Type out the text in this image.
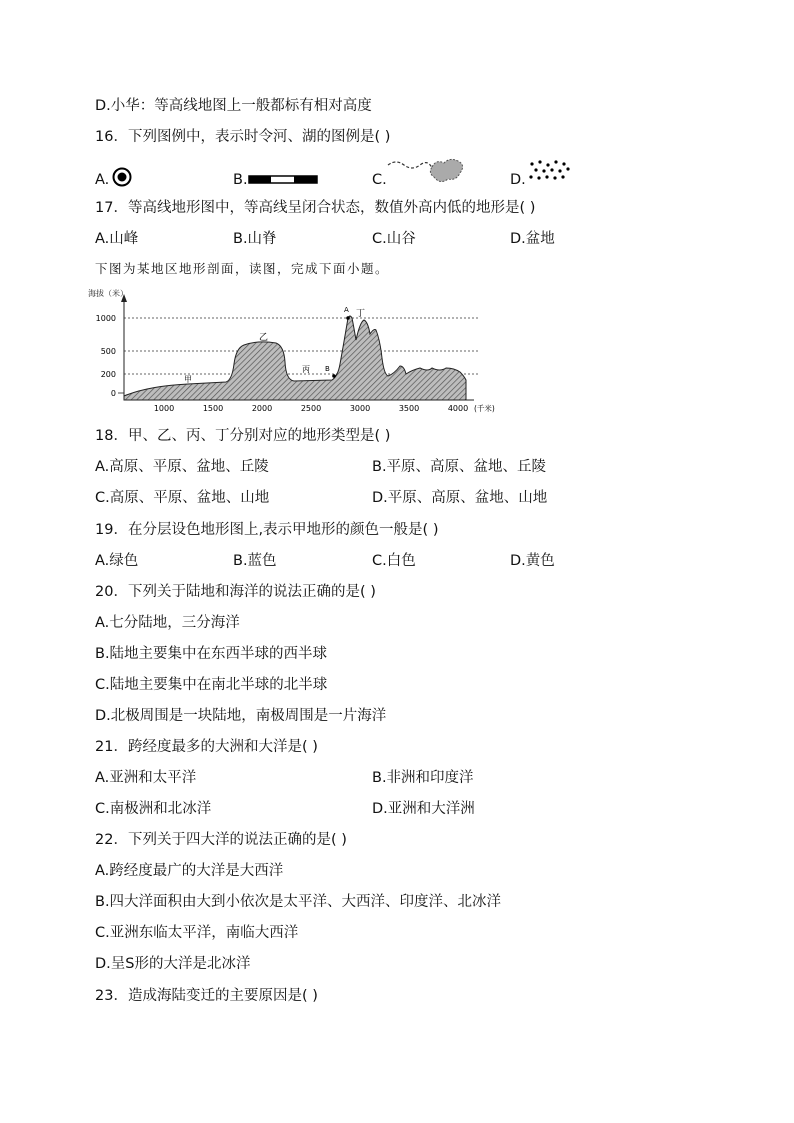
D.小华：等高线地图上一般都标有相对高度
16．下列图例中，表示时令河、湖的图例是( )
A.	B.	C.	D.
17．等高线地形图中，等高线呈闭合状态，数值外高内低的地形是( )
A.山峰	B.山脊	C.山谷	D.盆地
下图为某地区地形剖面，读图，完成下面小题。
海拔（米）
1000
500
200
0
1000	1500	2000	2500	3000	3500	4000 (千米)
甲
乙
丙 B
A 丁
18．甲、乙、丙、丁分别对应的地形类型是( )
A.高原、平原、盆地、丘陵	B.平原、高原、盆地、丘陵
C.高原、平原、盆地、山地	D.平原、高原、盆地、山地
19．在分层设色地形图上,表示甲地形的颜色一般是( )
A.绿色	B.蓝色	C.白色	D.黄色
20．下列关于陆地和海洋的说法正确的是( )
A.七分陆地，三分海洋
B.陆地主要集中在东西半球的西半球
C.陆地主要集中在南北半球的北半球
D.北极周围是一块陆地，南极周围是一片海洋
21．跨经度最多的大洲和大洋是( )
A.亚洲和太平洋	B.非洲和印度洋
C.南极洲和北冰洋	D.亚洲和大洋洲
22．下列关于四大洋的说法正确的是( )
A.跨经度最广的大洋是大西洋
B.四大洋面积由大到小依次是太平洋、大西洋、印度洋、北冰洋
C.亚洲东临太平洋，南临大西洋
D.呈S形的大洋是北冰洋
23．造成海陆变迁的主要原因是( )
